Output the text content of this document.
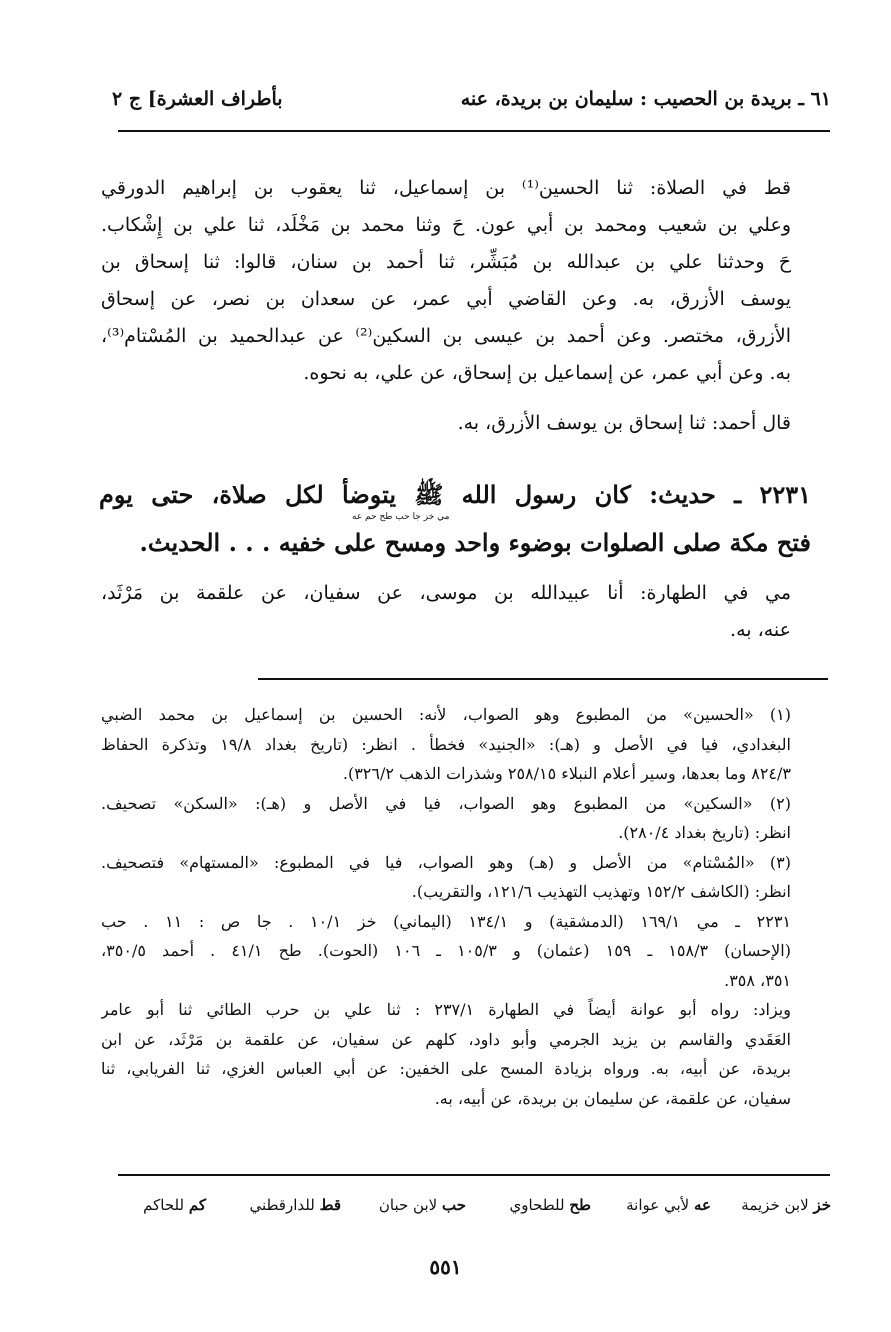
٦١ ـ بريدة بن الحصيب : سليمان بن بريدة، عنه
بأطراف العشرة] ج ٢
قط في الصلاة: ثنا الحسين⁽¹⁾ بن إسماعيل، ثنا يعقوب بن إبراهيم الدورقي
وعلي بن شعيب ومحمد بن أبي عون. حَ وثنا محمد بن مَخْلَد، ثنا علي بن إِشْكاب.
حَ وحدثنا علي بن عبدالله بن مُبَشِّر، ثنا أحمد بن سنان، قالوا: ثنا إسحاق بن
يوسف الأزرق، به. وعن القاضي أبي عمر، عن سعدان بن نصر، عن إسحاق
الأزرق، مختصر. وعن أحمد بن عيسى بن السكين⁽²⁾ عن عبدالحميد بن المُسْتام⁽³⁾،
به. وعن أبي عمر، عن إسماعيل بن إسحاق، عن علي، به نحوه.
قال أحمد: ثنا إسحاق بن يوسف الأزرق، به.
٢٢٣١ ـ حديث: كان رسول الله ﷺ يتوضأ لكل صلاة، حتى يوم
فتح مكة صلى الصلوات بوضوء واحد ومسح على خفيه . . . الحديث.
مي خز جا حب طح حم عه
مي في الطهارة: أنا عبيدالله بن موسى، عن سفيان، عن علقمة بن مَرْثَد،
عنه، به.
(١) «الحسين» من المطبوع وهو الصواب، لأنه: الحسين بن إسماعيل بن محمد الضبي
البغدادي، فيا في الأصل و (هـ): «الجنيد» فخطأ . انظر: (تاريخ بغداد ١٩/٨ وتذكرة الحفاظ
٨٢٤/٣ وما بعدها، وسير أعلام النبلاء ٢٥٨/١٥ وشذرات الذهب ٣٢٦/٢).
(٢) «السكين» من المطبوع وهو الصواب، فيا في الأصل و (هـ): «السكن» تصحيف.
انظر: (تاريخ بغداد ٢٨٠/٤).
(٣) «المُسْتام» من الأصل و (هـ) وهو الصواب، فيا في المطبوع: «المستهام» فتصحيف.
انظر: (الكاشف ١٥٢/٢ وتهذيب التهذيب ١٢١/٦، والتقريب).
٢٢٣١ ـ مي ١٦٩/١ (الدمشقية) و ١٣٤/١ (اليماني) خز ١٠/١ . جا ص : ١١ . حب
(الإحسان) ١٥٨/٣ ـ ١٥٩ (عثمان) و ١٠٥/٣ ـ ١٠٦ (الحوت). طح ٤١/١ . أحمد ٣٥٠/٥،
٣٥١، ٣٥٨.
ويزاد: رواه أبو عوانة أيضاً في الطهارة ٢٣٧/١ : ثنا علي بن حرب الطائي ثنا أبو عامر
العَقَدي والقاسم بن يزيد الجرمي وأبو داود، كلهم عن سفيان، عن علقمة بن مَرْثَد، عن ابن
بريدة، عن أبيه، به. ورواه بزيادة المسح على الخفين: عن أبي العباس الغزي، ثنا الفريابي، ثنا
سفيان، عن علقمة، عن سليمان بن بريدة، عن أبيه، به.
خز لابن خزيمة
عه لأبي عوانة
طح للطحاوي
حب لابن حبان
قط للدارقطني
كم للحاكم
٥٥١
